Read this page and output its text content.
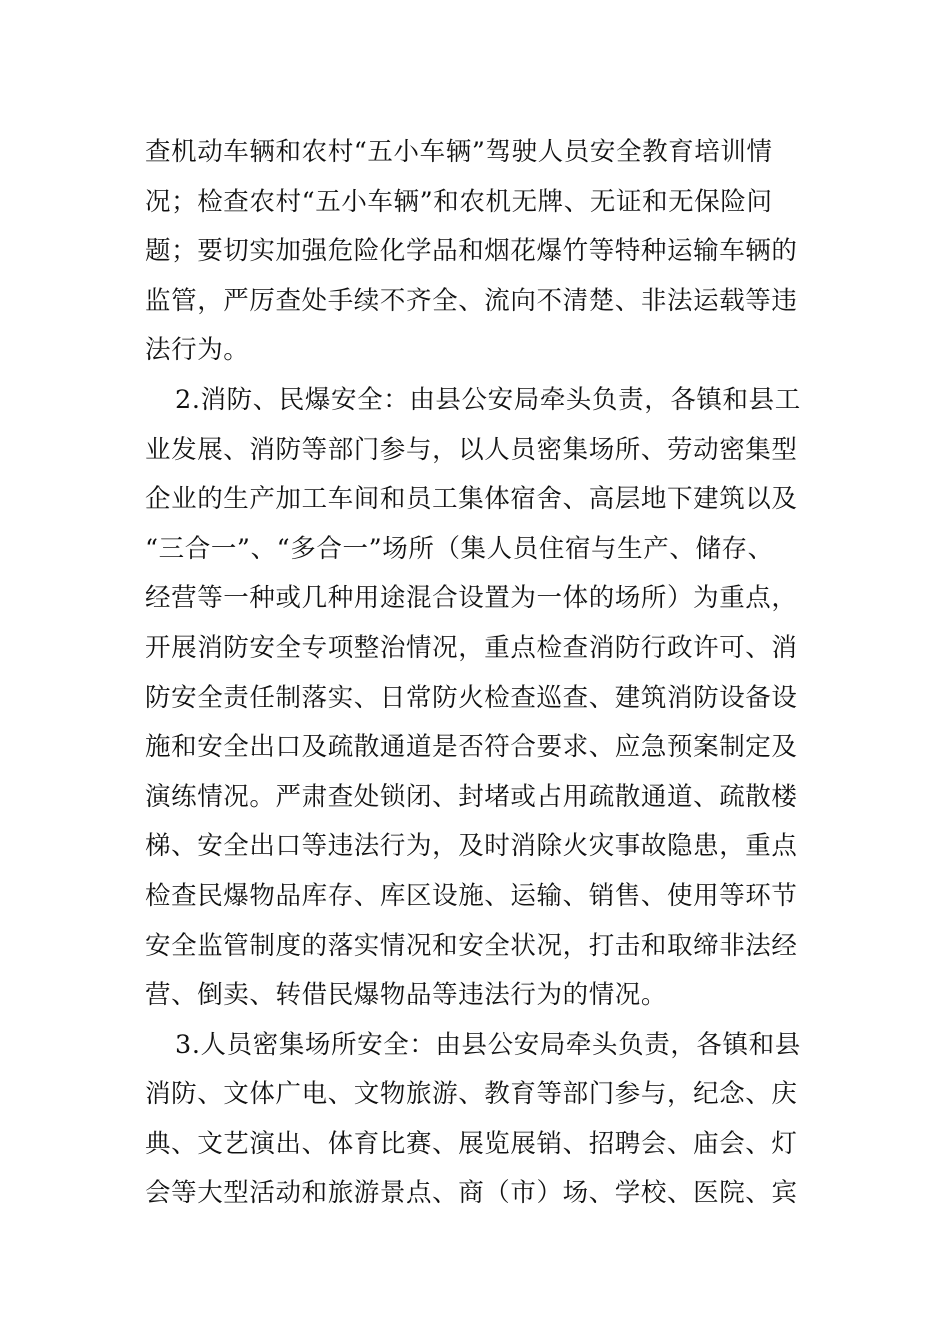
查机动车辆和农村“五小车辆”驾驶人员安全教育培训情
况；检查农村“五小车辆”和农机无牌、无证和无保险问
题；要切实加强危险化学品和烟花爆竹等特种运输车辆的
监管，严厉查处手续不齐全、流向不清楚、非法运载等违
法行为。
2.消防、民爆安全：由县公安局牵头负责，各镇和县工
业发展、消防等部门参与，以人员密集场所、劳动密集型
企业的生产加工车间和员工集体宿舍、高层地下建筑以及
“三合一”、“多合一”场所（集人员住宿与生产、储存、
经营等一种或几种用途混合设置为一体的场所）为重点，
开展消防安全专项整治情况，重点检查消防行政许可、消
防安全责任制落实、日常防火检查巡查、建筑消防设备设
施和安全出口及疏散通道是否符合要求、应急预案制定及
演练情况。严肃查处锁闭、封堵或占用疏散通道、疏散楼
梯、安全出口等违法行为，及时消除火灾事故隐患，重点
检查民爆物品库存、库区设施、运输、销售、使用等环节
安全监管制度的落实情况和安全状况，打击和取缔非法经
营、倒卖、转借民爆物品等违法行为的情况。
3.人员密集场所安全：由县公安局牵头负责，各镇和县
消防、文体广电、文物旅游、教育等部门参与，纪念、庆
典、文艺演出、体育比赛、展览展销、招聘会、庙会、灯
会等大型活动和旅游景点、商（市）场、学校、医院、宾
